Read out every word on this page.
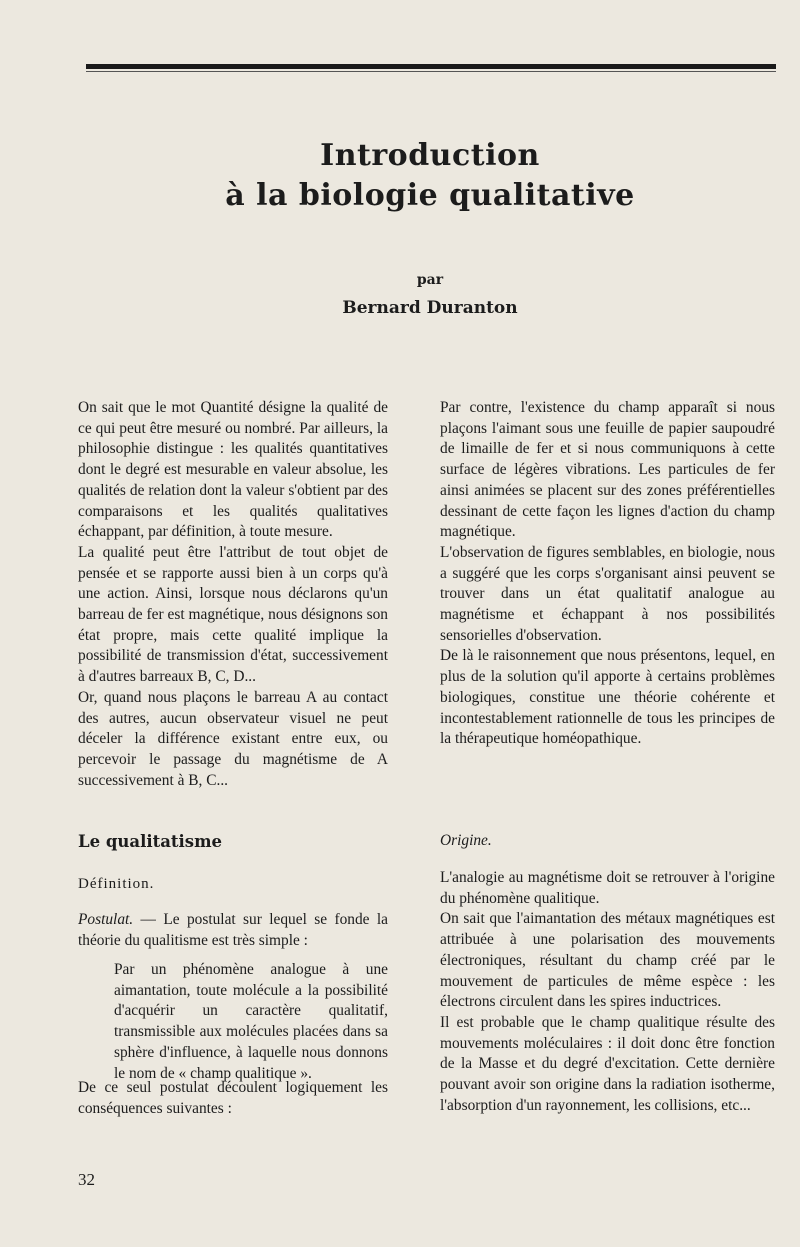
Introduction
à la biologie qualitative
par
Bernard Duranton

On sait que le mot Quantité désigne la qualité de ce qui peut être mesuré ou nombré. Par ailleurs, la philosophie distingue : les qualités quantitatives dont le degré est mesurable en valeur absolue, les qualités de relation dont la valeur s'obtient par des comparaisons et les qualités qualitatives échappant, par définition, à toute mesure.

La qualité peut être l'attribut de tout objet de pensée et se rapporte aussi bien à un corps qu'à une action. Ainsi, lorsque nous déclarons qu'un barreau de fer est magnétique, nous désignons son état propre, mais cette qualité implique la possibilité de transmission d'état, successivement à d'autres barreaux B, C, D...

Or, quand nous plaçons le barreau A au contact des autres, aucun observateur visuel ne peut déceler la différence existant entre eux, ou percevoir le passage du magnétisme de A successivement à B, C...

Par contre, l'existence du champ apparaît si nous plaçons l'aimant sous une feuille de papier saupoudré de limaille de fer et si nous communiquons à cette surface de légères vibrations. Les particules de fer ainsi animées se placent sur des zones préférentielles dessinant de cette façon les lignes d'action du champ magnétique.

L'observation de figures semblables, en biologie, nous a suggéré que les corps s'organisant ainsi peuvent se trouver dans un état qualitatif analogue au magnétisme et échappant à nos possibilités sensorielles d'observation.

De là le raisonnement que nous présentons, lequel, en plus de la solution qu'il apporte à certains problèmes biologiques, constitue une théorie cohérente et incontestablement rationnelle de tous les principes de la thérapeutique homéopathique.

Le qualitatisme	Origine.
Définition.
Postulat. — Le postulat sur lequel se fonde la théorie du qualitisme est très simple :
Par un phénomène analogue à une aimantation, toute molécule a la possibilité d'acquérir un caractère qualitatif, transmissible aux molécules placées dans sa sphère d'influence, à laquelle nous donnons le nom de « champ qualitique ».
De ce seul postulat découlent logiquement les conséquences suivantes :

L'analogie au magnétisme doit se retrouver à l'origine du phénomène qualitique.

On sait que l'aimantation des métaux magnétiques est attribuée à une polarisation des mouvements électroniques, résultant du champ créé par le mouvement de particules de même espèce : les électrons circulent dans les spires inductrices.

Il est probable que le champ qualitique résulte des mouvements moléculaires : il doit donc être fonction de la Masse et du degré d'excitation. Cette dernière pouvant avoir son origine dans la radiation isotherme, l'absorption d'un rayonnement, les collisions, etc...

32
